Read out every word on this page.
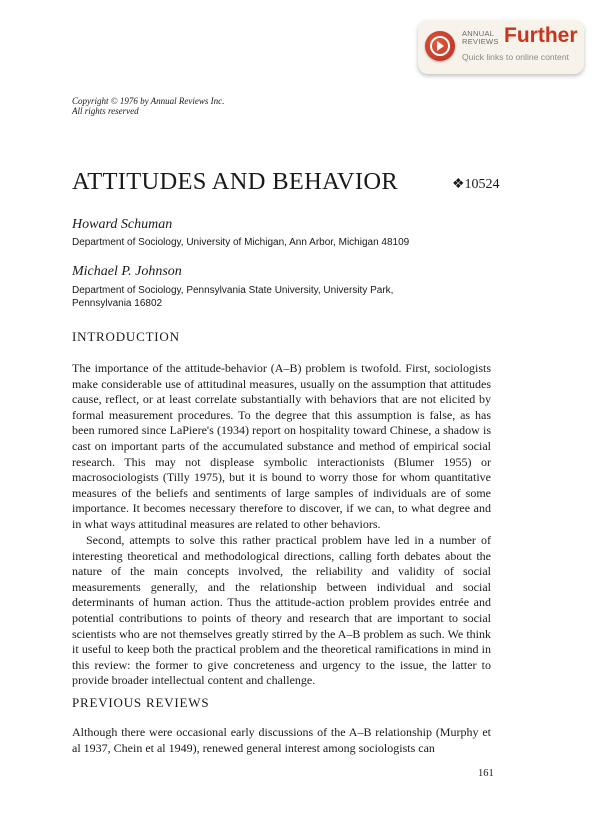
ANNUAL
REVIEWS Further
Quick links to online content
Copyright © 1976 by Annual Reviews Inc.
All rights reserved
ATTITUDES AND BEHAVIOR	❖10524
Howard Schuman
Department of Sociology, University of Michigan, Ann Arbor, Michigan 48109
Michael P. Johnson
Department of Sociology, Pennsylvania State University, University Park,
Pennsylvania 16802
INTRODUCTION

The importance of the attitude-behavior (A–B) problem is twofold. First, sociologists make considerable use of attitudinal measures, usually on the assumption that attitudes cause, reflect, or at least correlate substantially with behaviors that are not elicited by formal measurement procedures. To the degree that this assumption is false, as has been rumored since LaPiere's (1934) report on hospitality toward Chinese, a shadow is cast on important parts of the accumulated substance and method of empirical social research. This may not displease symbolic interactionists (Blumer 1955) or macrosociologists (Tilly 1975), but it is bound to worry those for whom quantitative measures of the beliefs and sentiments of large samples of individuals are of some importance. It becomes necessary therefore to discover, if we can, to what degree and in what ways attitudinal measures are related to other behaviors.

Second, attempts to solve this rather practical problem have led in a number of interesting theoretical and methodological directions, calling forth debates about the nature of the main concepts involved, the reliability and validity of social measurements generally, and the relationship between individual and social determinants of human action. Thus the attitude-action problem provides entrée and potential contributions to points of theory and research that are important to social scientists who are not themselves greatly stirred by the A–B problem as such. We think it useful to keep both the practical problem and the theoretical ramifications in mind in this review: the former to give concreteness and urgency to the issue, the latter to provide broader intellectual content and challenge.

PREVIOUS REVIEWS

Although there were occasional early discussions of the A–B relationship (Murphy et al 1937, Chein et al 1949), renewed general interest among sociologists can

161
